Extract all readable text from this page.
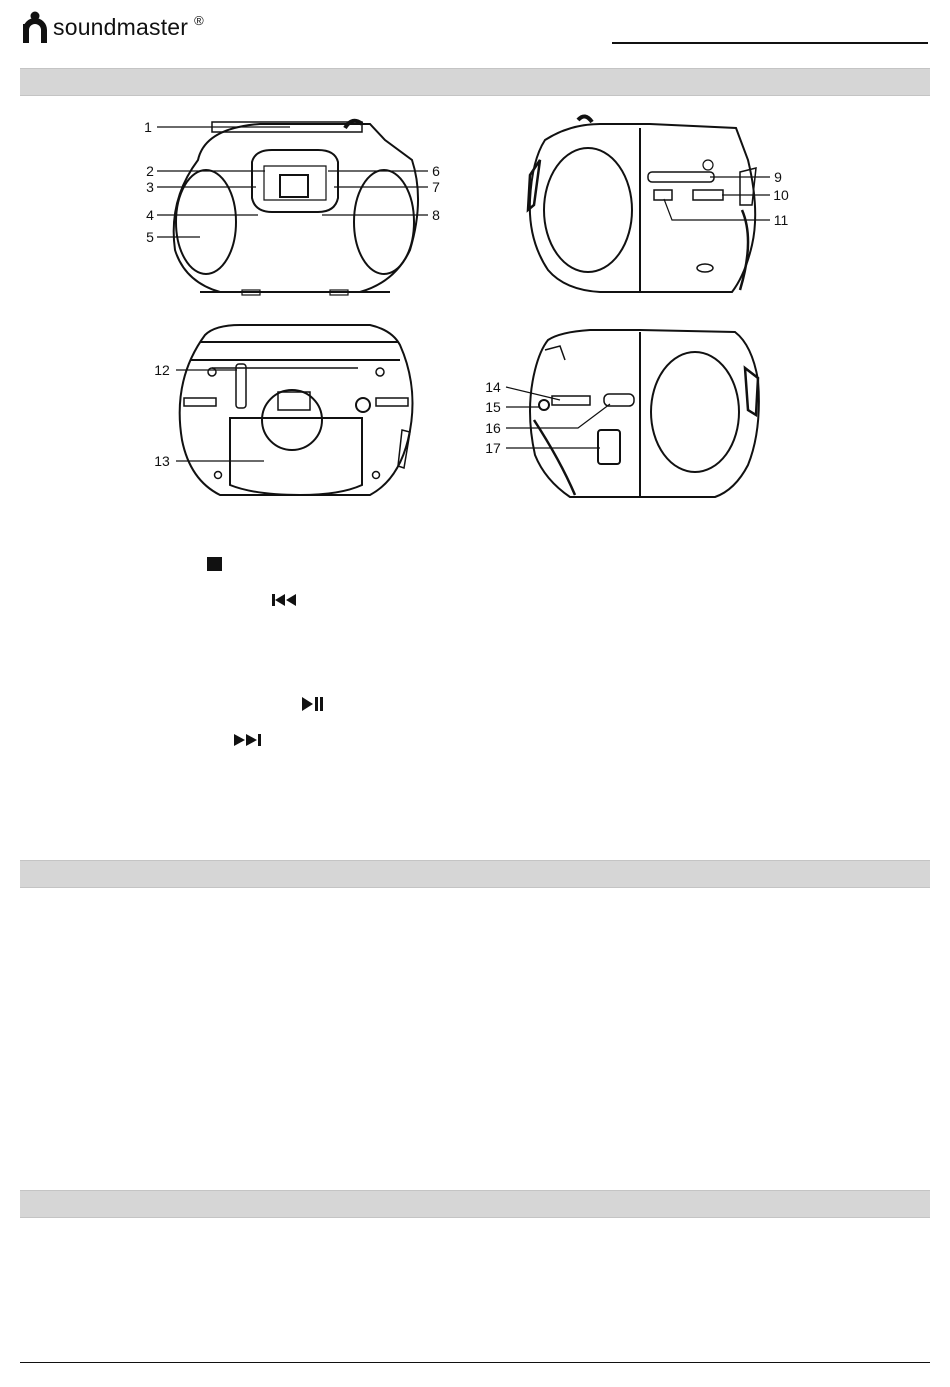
soundmaster ®
1
2
3
4
5
6
7
8
9
10
11
12
13
14
15
16
17
